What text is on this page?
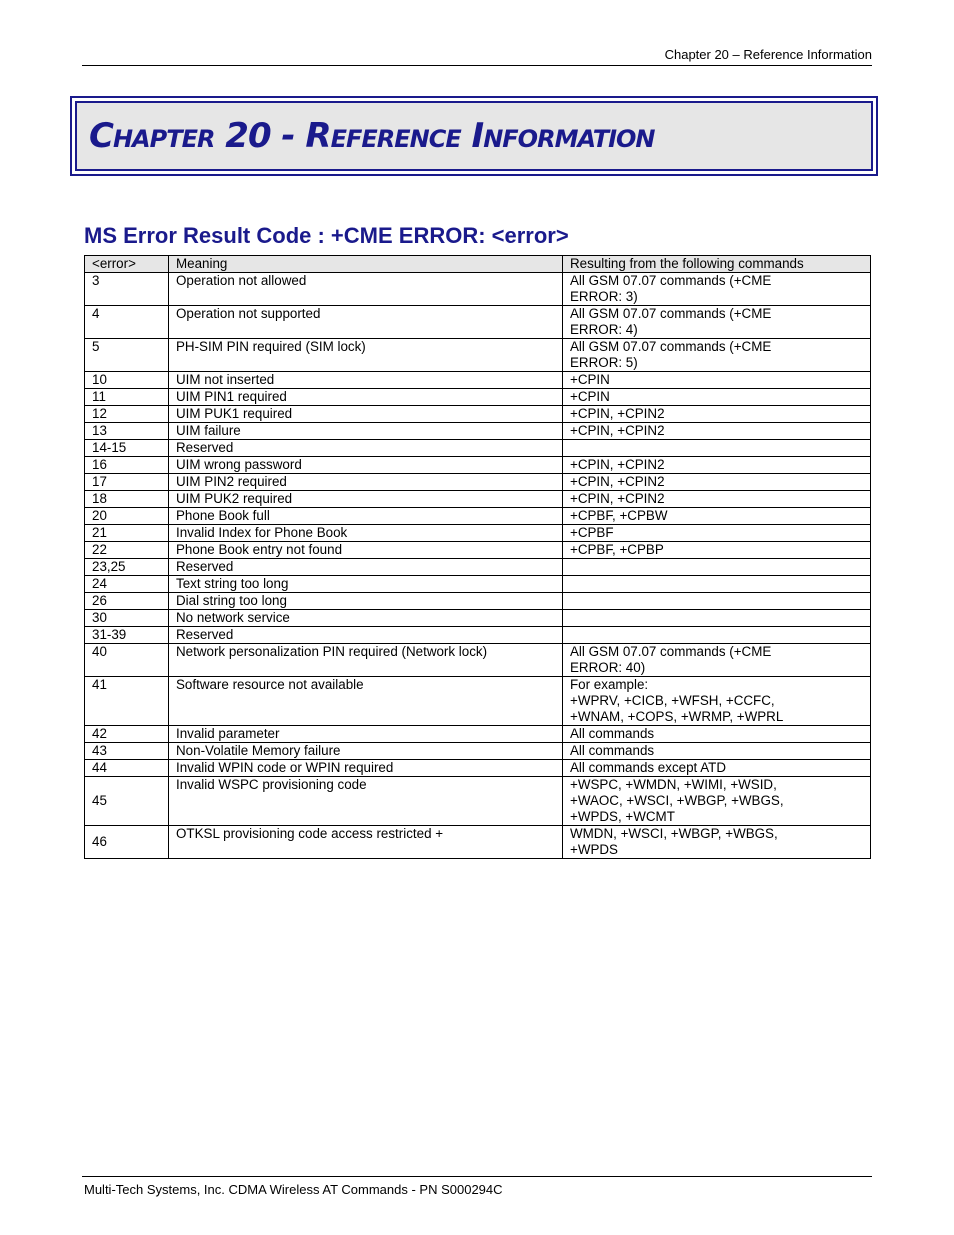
Chapter 20 – Reference Information
Chapter 20 - Reference Information
MS Error Result Code : +CME ERROR: <error>
<error>	Meaning	Resulting from the following commands
3	Operation not allowed	All GSM 07.07 commands (+CME
ERROR: 3)
4	Operation not supported	All GSM 07.07 commands (+CME
ERROR: 4)
5	PH-SIM PIN required (SIM lock)	All GSM 07.07 commands (+CME
ERROR: 5)
10	UIM not inserted	+CPIN
11	UIM PIN1 required	+CPIN
12	UIM PUK1 required	+CPIN, +CPIN2
13	UIM failure	+CPIN, +CPIN2
14-15	Reserved	
16	UIM wrong password	+CPIN, +CPIN2
17	UIM PIN2 required	+CPIN, +CPIN2
18	UIM PUK2 required	+CPIN, +CPIN2
20	Phone Book full	+CPBF, +CPBW
21	Invalid Index for Phone Book	+CPBF
22	Phone Book entry not found	+CPBF, +CPBP
23,25	Reserved	
24	Text string too long	
26	Dial string too long	
30	No network service	
31-39	Reserved	
40	Network personalization PIN required (Network lock)	All GSM 07.07 commands (+CME
ERROR: 40)
41	Software resource not available	For example:
+WPRV, +CICB, +WFSH, +CCFC,
+WNAM, +COPS, +WRMP, +WPRL
42	Invalid parameter	All commands
43	Non-Volatile Memory failure	All commands
44	Invalid WPIN code or WPIN required	All commands except ATD
45	Invalid WSPC provisioning code	+WSPC, +WMDN, +WIMI, +WSID,
+WAOC, +WSCI, +WBGP, +WBGS,
+WPDS, +WCMT
46	OTKSL provisioning code access restricted +	WMDN, +WSCI, +WBGP, +WBGS,
+WPDS
Multi-Tech Systems, Inc. CDMA Wireless AT Commands - PN S000294C
